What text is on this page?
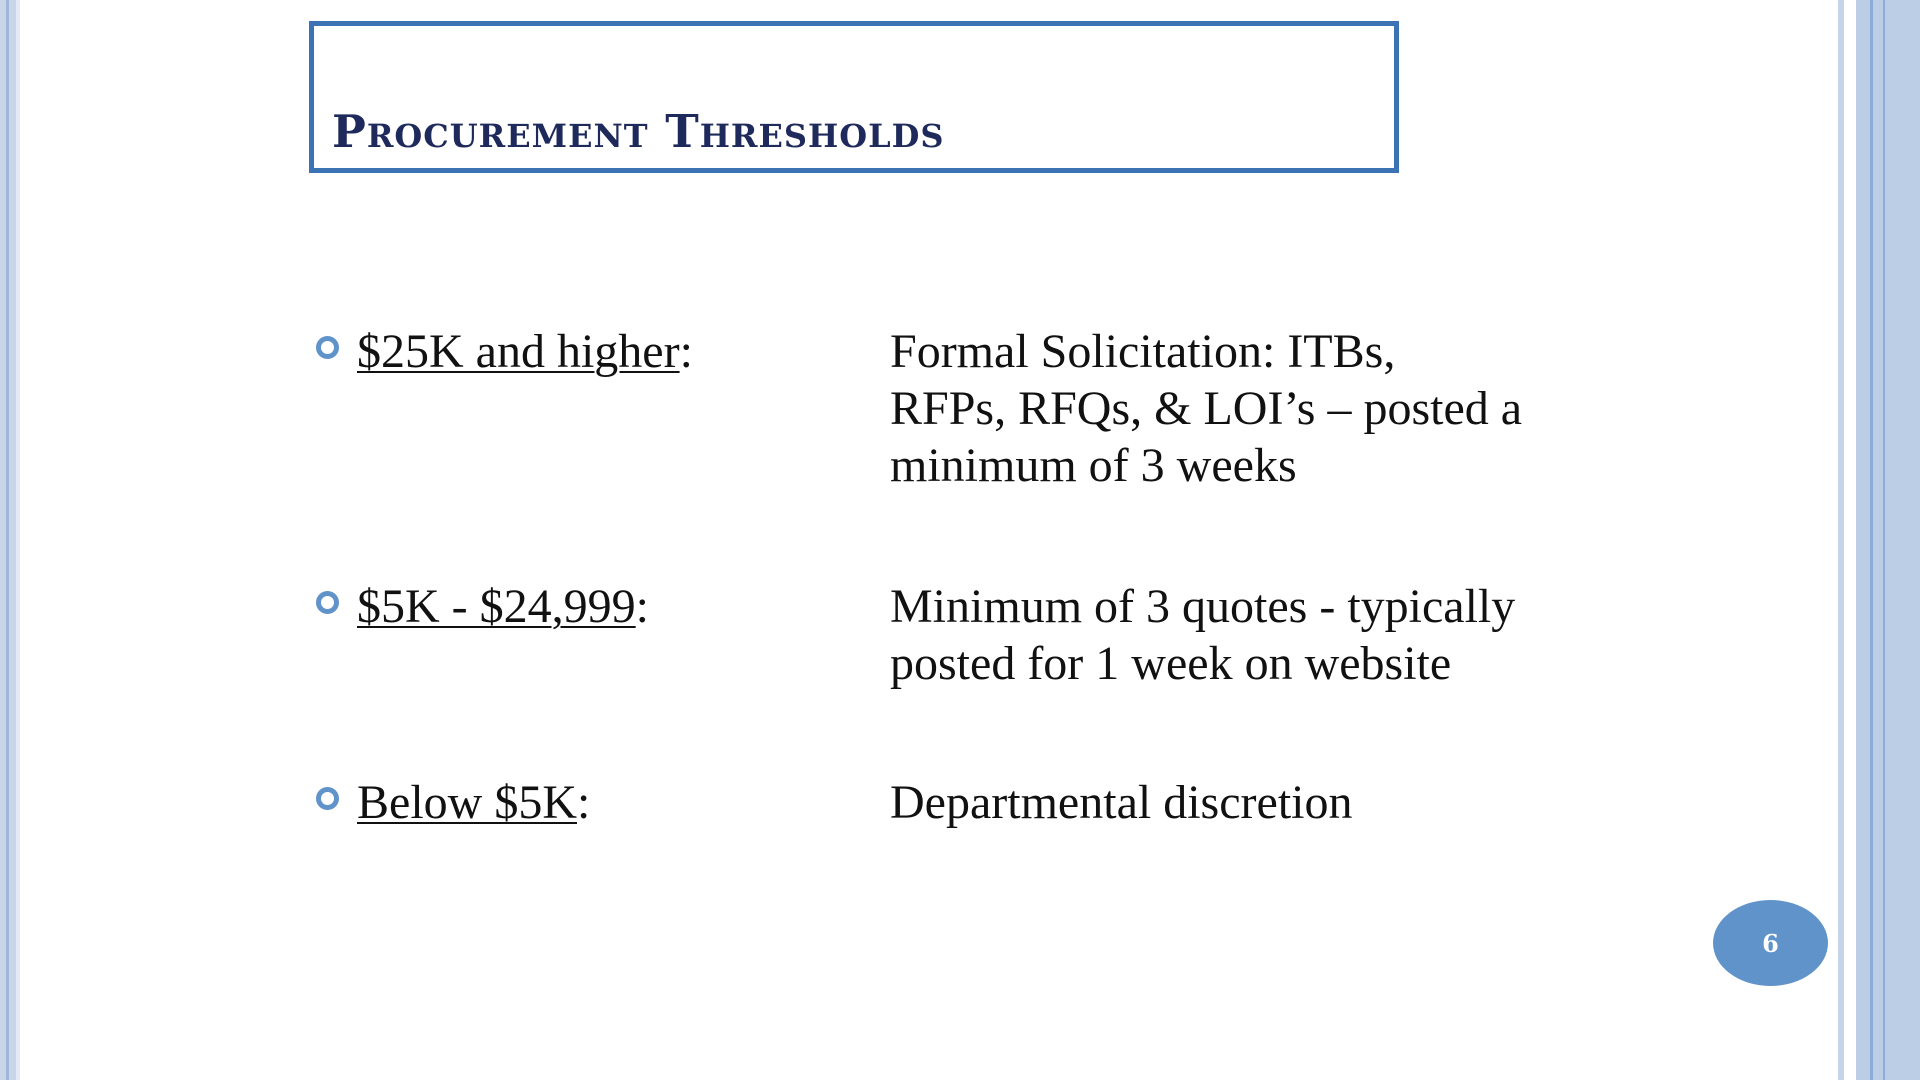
Procurement Thresholds
$25K and higher:	Formal Solicitation: ITBs,
RFPs, RFQs, & LOI’s – posted a
minimum of 3 weeks
$5K - $24,999:	Minimum of 3 quotes - typically
posted for 1 week on website
Below $5K:	Departmental discretion
6
